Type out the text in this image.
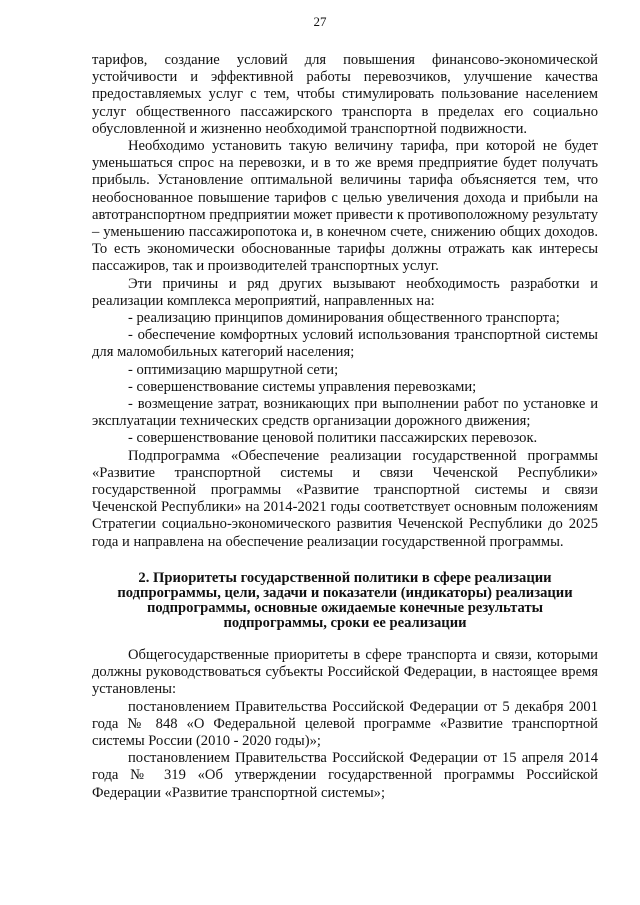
27

тарифов, создание условий для повышения финансово-экономической устойчивости и эффективной работы перевозчиков, улучшение качества предоставляемых услуг с тем, чтобы стимулировать пользование населением услуг общественного пассажирского транспорта в пределах его социально обусловленной и жизненно необходимой транспортной подвижности.

Необходимо установить такую величину тарифа, при которой не будет уменьшаться спрос на перевозки, и в то же время предприятие будет получать прибыль. Установление оптимальной величины тарифа объясняется тем, что необоснованное повышение тарифов с целью увеличения дохода и прибыли на автотранспортном предприятии может привести к противоположному результату – уменьшению пассажиропотока и, в конечном счете, снижению общих доходов. То есть экономически обоснованные тарифы должны отражать как интересы пассажиров, так и производителей транспортных услуг.

Эти причины и ряд других вызывают необходимость разработки и реализации комплекса мероприятий, направленных на:

- реализацию принципов доминирования общественного транспорта;

- обеспечение комфортных условий использования транспортной системы для маломобильных категорий населения;

- оптимизацию маршрутной сети;

- совершенствование системы управления перевозками;

- возмещение затрат, возникающих при выполнении работ по установке и эксплуатации технических средств организации дорожного движения;

- совершенствование ценовой политики пассажирских перевозок.

Подпрограмма «Обеспечение реализации государственной программы «Развитие транспортной системы и связи Чеченской Республики» государственной программы «Развитие транспортной системы и связи Чеченской Республики» на 2014-2021 годы соответствует основным положениям Стратегии социально-экономического развития Чеченской Республики до 2025 года и направлена на обеспечение реализации государственной программы.

2. Приоритеты государственной политики в сфере реализации
подпрограммы, цели, задачи и показатели (индикаторы) реализации
подпрограммы, основные ожидаемые конечные результаты
подпрограммы, сроки ее реализации

Общегосударственные приоритеты в сфере транспорта и связи, которыми должны руководствоваться субъекты Российской Федерации, в настоящее время установлены:

постановлением Правительства Российской Федерации от 5 декабря 2001 года № 848 «О Федеральной целевой программе «Развитие транспортной системы России (2010 - 2020 годы)»;

постановлением Правительства Российской Федерации от 15 апреля 2014 года № 319 «Об утверждении государственной программы Российской Федерации «Развитие транспортной системы»;
